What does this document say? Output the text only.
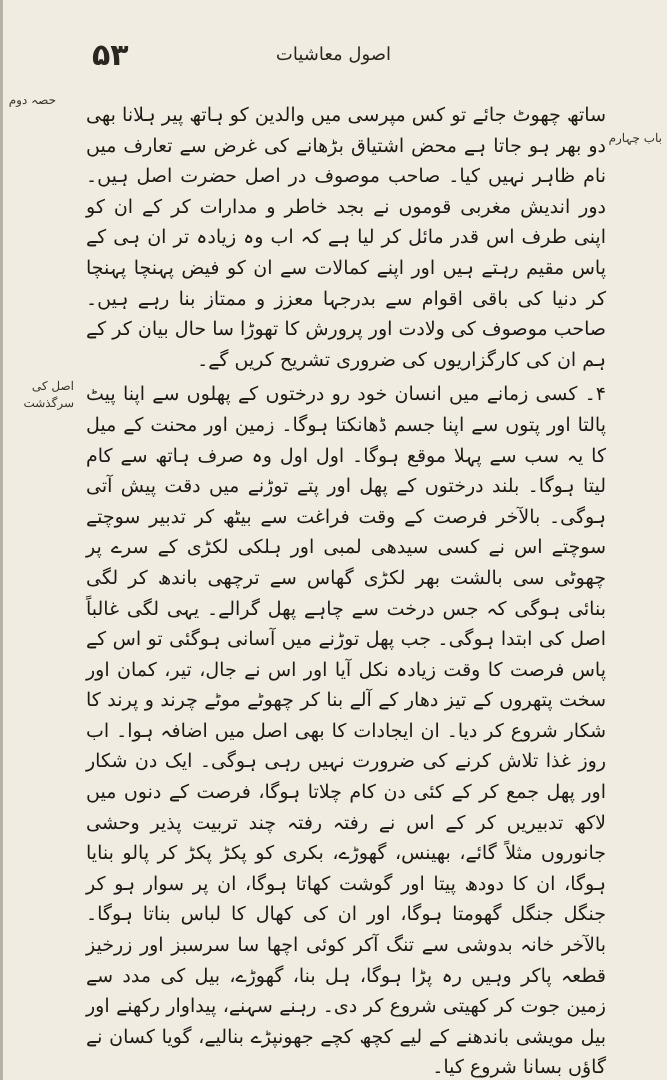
۵۳	اصول معاشیات
حصہ دوم
باب چہارم
اصل کی سرگذشت

ساتھ چھوٹ جائے تو کس مپرسی میں والدین کو ہاتھ پیر ہلانا بھی دو بھر ہو جاتا ہے محض اشتیاق بڑھانے کی غرض سے تعارف میں نام ظاہر نہیں کیا۔ صاحب موصوف در اصل حضرت اصل ہیں۔ دور اندیش مغربی قوموں نے بجد خاطر و مدارات کر کے ان کو اپنی طرف اس قدر مائل کر لیا ہے کہ اب وہ زیادہ تر ان ہی کے پاس مقیم رہتے ہیں اور اپنے کمالات سے ان کو فیض پہنچا پہنچا کر دنیا کی باقی اقوام سے بدرجہا معزز و ممتاز بنا رہے ہیں۔ صاحب موصوف کی ولادت اور پرورش کا تھوڑا سا حال بیان کر کے ہم ان کی کارگزاریوں کی ضروری تشریح کریں گے۔

۴۔ کسی زمانے میں انسان خود رو درختوں کے پھلوں سے اپنا پیٹ پالتا اور پتوں سے اپنا جسم ڈھانکتا ہوگا۔ زمین اور محنت کے میل کا یہ سب سے پہلا موقع ہوگا۔ اول اول وہ صرف ہاتھ سے کام لیتا ہوگا۔ بلند درختوں کے پھل اور پتے توڑنے میں دقت پیش آتی ہوگی۔ بالآخر فرصت کے وقت فراغت سے بیٹھ کر تدبیر سوچتے سوچتے اس نے کسی سیدھی لمبی اور ہلکی لکڑی کے سرے پر چھوٹی سی بالشت بھر لکڑی گھاس سے ترچھی باندھ کر لگی بنائی ہوگی کہ جس درخت سے چاہے پھل گرالے۔ یہی لگی غالباً اصل کی ابتدا ہوگی۔ جب پھل توڑنے میں آسانی ہوگئی تو اس کے پاس فرصت کا وقت زیادہ نکل آیا اور اس نے جال، تیر، کمان اور سخت پتھروں کے تیز دھار کے آلے بنا کر چھوٹے موٹے چرند و پرند کا شکار شروع کر دیا۔ ان ایجادات کا بھی اصل میں اضافہ ہوا۔ اب روز غذا تلاش کرنے کی ضرورت نہیں رہی ہوگی۔ ایک دن شکار اور پھل جمع کر کے کئی دن کام چلاتا ہوگا، فرصت کے دنوں میں لاکھ تدبیریں کر کے اس نے رفتہ رفتہ چند تربیت پذیر وحشی جانوروں مثلاً گائے، بھینس، گھوڑے، بکری کو پکڑ پکڑ کر پالو بنایا ہوگا، ان کا دودھ پیتا اور گوشت کھاتا ہوگا، ان پر سوار ہو کر جنگل جنگل گھومتا ہوگا، اور ان کی کھال کا لباس بناتا ہوگا۔ بالآخر خانہ بدوشی سے تنگ آکر کوئی اچھا سا سرسبز اور زرخیز قطعہ پاکر وہیں رہ پڑا ہوگا، ہل بنا، گھوڑے، بیل کی مدد سے زمین جوت کر کھیتی شروع کر دی۔ رہنے سہنے، پیداوار رکھنے اور بیل مویشی باندھنے کے لیے کچھ کچے جھونپڑے بنالیے، گویا کسان نے گاؤں بسانا شروع کیا۔
